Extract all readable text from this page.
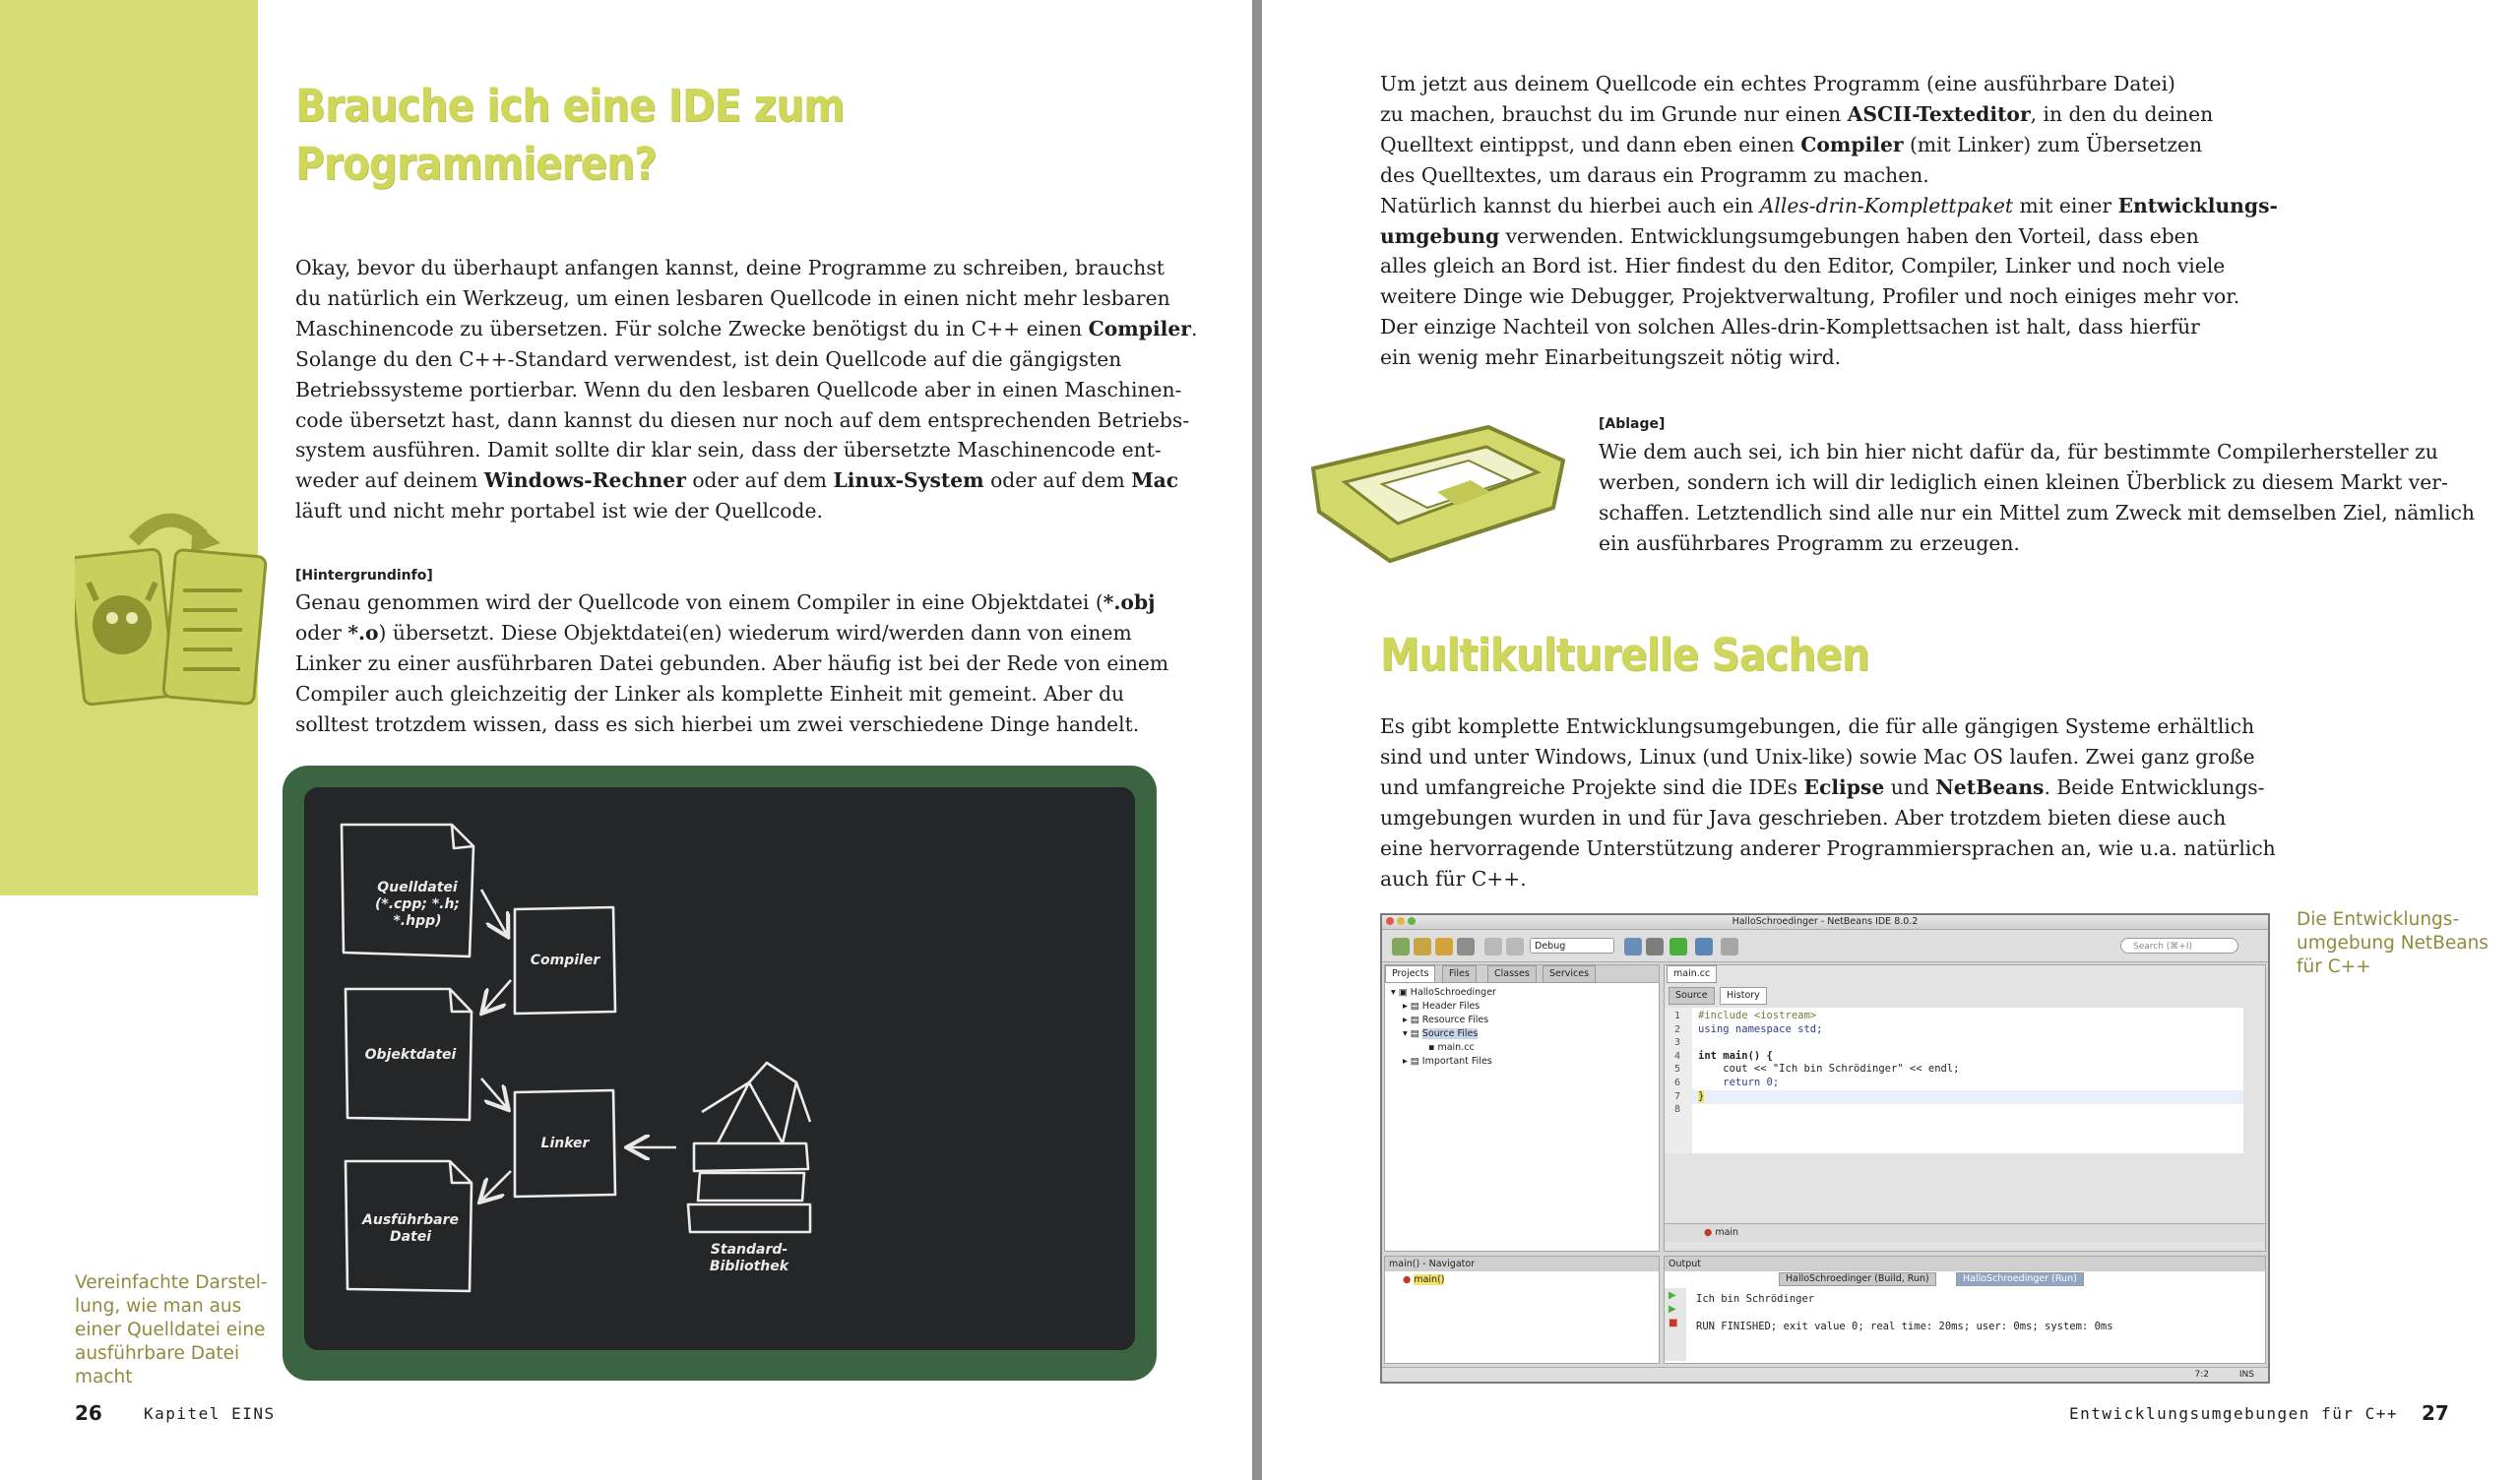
Brauche ich eine IDE zum
Programmieren?
Okay, bevor du überhaupt anfangen kannst, deine Programme zu schreiben, brauchst
du natürlich ein Werkzeug, um einen lesbaren Quellcode in einen nicht mehr lesbaren
Maschinencode zu übersetzen. Für solche Zwecke benötigst du in C++ einen Compiler.
Solange du den C++-Standard verwendest, ist dein Quellcode auf die gängigsten
Betriebssysteme portierbar. Wenn du den lesbaren Quellcode aber in einen Maschinen-
code übersetzt hast, dann kannst du diesen nur noch auf dem entsprechenden Betriebs-
system ausführen. Damit sollte dir klar sein, dass der übersetzte Maschinencode ent-
weder auf deinem Windows-Rechner oder auf dem Linux-System oder auf dem Mac
läuft und nicht mehr portabel ist wie der Quellcode.
[Hintergrundinfo]
Genau genommen wird der Quellcode von einem Compiler in eine Objektdatei (*.obj
oder *.o) übersetzt. Diese Objektdatei(en) wiederum wird/werden dann von einem
Linker zu einer ausführbaren Datei gebunden. Aber häufig ist bei der Rede von einem
Compiler auch gleichzeitig der Linker als komplette Einheit mit gemeint. Aber du
solltest trotzdem wissen, dass es sich hierbei um zwei verschiedene Dinge handelt.
Quelldatei
(*.cpp; *.h;
*.hpp)
Objektdatei
Ausführbare
Datei
Compiler
Linker
Standard-
Bibliothek
Vereinfachte Darstel-
lung, wie man aus
einer Quelldatei eine
ausführbare Datei
macht
26	Kapitel EINS
Um jetzt aus deinem Quellcode ein echtes Programm (eine ausführbare Datei)
zu machen, brauchst du im Grunde nur einen ASCII-Texteditor, in den du deinen
Quelltext eintippst, und dann eben einen Compiler (mit Linker) zum Übersetzen
des Quelltextes, um daraus ein Programm zu machen.
Natürlich kannst du hierbei auch ein Alles-drin-Komplettpaket mit einer Entwicklungs-
umgebung verwenden. Entwicklungsumgebungen haben den Vorteil, dass eben
alles gleich an Bord ist. Hier findest du den Editor, Compiler, Linker und noch viele
weitere Dinge wie Debugger, Projektverwaltung, Profiler und noch einiges mehr vor.
Der einzige Nachteil von solchen Alles-drin-Komplettsachen ist halt, dass hierfür
ein wenig mehr Einarbeitungszeit nötig wird.
[Ablage]
Wie dem auch sei, ich bin hier nicht dafür da, für bestimmte Compilerhersteller zu
werben, sondern ich will dir lediglich einen kleinen Überblick zu diesem Markt ver-
schaffen. Letztendlich sind alle nur ein Mittel zum Zweck mit demselben Ziel, nämlich
ein ausführbares Programm zu erzeugen.
Multikulturelle Sachen
Es gibt komplette Entwicklungsumgebungen, die für alle gängigen Systeme erhältlich
sind und unter Windows, Linux (und Unix-like) sowie Mac OS laufen. Zwei ganz große
und umfangreiche Projekte sind die IDEs Eclipse und NetBeans. Beide Entwicklungs-
umgebungen wurden in und für Java geschrieben. Aber trotzdem bieten diese auch
eine hervorragende Unterstützung anderer Programmiersprachen an, wie u.a. natürlich
auch für C++.
Die Entwicklungs-
umgebung NetBeans
für C++
HalloSchroedinger - NetBeans IDE 8.0.2
Debug	Search (⌘+I)
Projects	Files	Classes	Services
▾ ▣ HalloSchroedinger
▸ ▤ Header Files
▸ ▤ Resource Files
▾ ▤ Source Files
▪ main.cc
▸ ▤ Important Files
main.cc
Source	History
1
2
3
4
5
6
7
8
#include <iostream>
using namespace std;
int main() {
cout << "Ich bin Schrödinger" << endl;
return 0;
}
● main
main() - Navigator
● main()
Output
HalloSchroedinger (Build, Run)	HalloSchroedinger (Run)
▶
▶
■
Ich bin Schrödinger
RUN FINISHED; exit value 0; real time: 20ms; user: 0ms; system: 0ms
7:2	INS
Entwicklungsumgebungen für C++ 27
